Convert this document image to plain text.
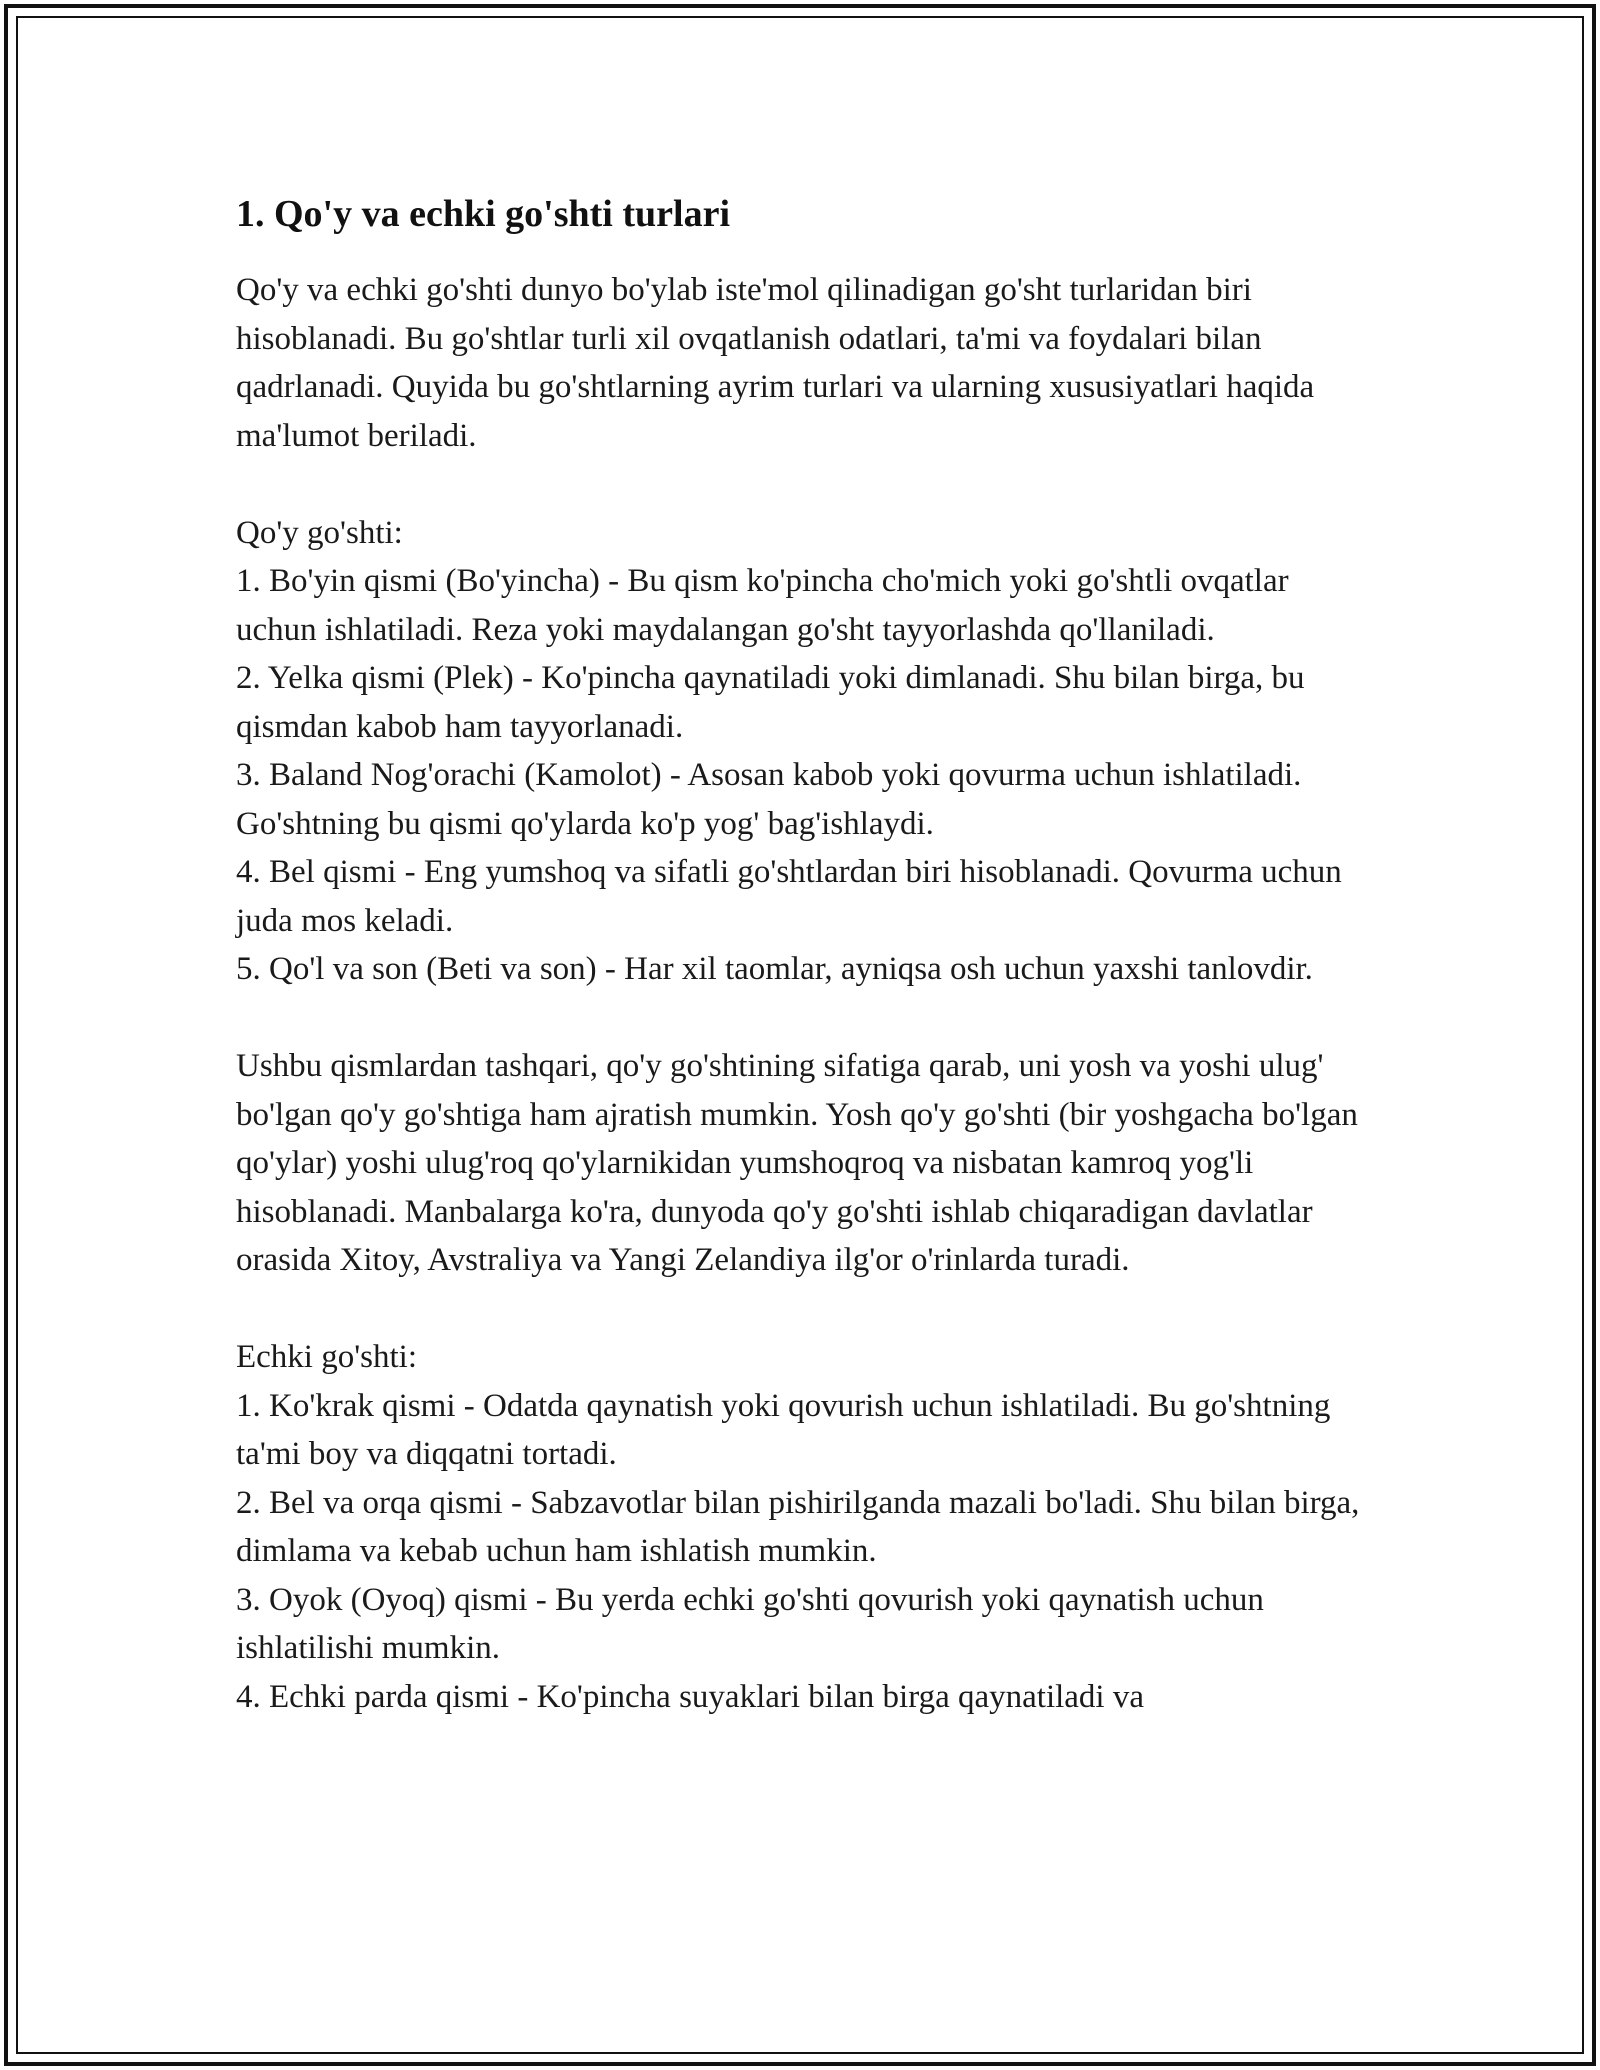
1. Qo'y va echki go'shti turlari

Qo'y va echki go'shti dunyo bo'ylab iste'mol qilinadigan go'sht turlaridan biri hisoblanadi. Bu go'shtlar turli xil ovqatlanish odatlari, ta'mi va foydalari bilan qadrlanadi. Quyida bu go'shtlarning ayrim turlari va ularning xususiyatlari haqida ma'lumot beriladi.

Qo'y go'shti:

1. Bo'yin qismi (Bo'yincha) - Bu qism ko'pincha cho'mich yoki go'shtli ovqatlar uchun ishlatiladi. Reza yoki maydalangan go'sht tayyorlashda qo'llaniladi.

2. Yelka qismi (Plek) - Ko'pincha qaynatiladi yoki dimlanadi. Shu bilan birga, bu qismdan kabob ham tayyorlanadi.

3. Baland Nog'orachi (Kamolot) - Asosan kabob yoki qovurma uchun ishlatiladi. Go'shtning bu qismi qo'ylarda ko'p yog' bag'ishlaydi.

4. Bel qismi - Eng yumshoq va sifatli go'shtlardan biri hisoblanadi. Qovurma uchun juda mos keladi.

5. Qo'l va son (Beti va son) - Har xil taomlar, ayniqsa osh uchun yaxshi tanlovdir.

Ushbu qismlardan tashqari, qo'y go'shtining sifatiga qarab, uni yosh va yoshi ulug' bo'lgan qo'y go'shtiga ham ajratish mumkin. Yosh qo'y go'shti (bir yoshgacha bo'lgan qo'ylar) yoshi ulug'roq qo'ylarnikidan yumshoqroq va nisbatan kamroq yog'li hisoblanadi. Manbalarga ko'ra, dunyoda qo'y go'shti ishlab chiqaradigan davlatlar orasida Xitoy, Avstraliya va Yangi Zelandiya ilg'or o'rinlarda turadi.

Echki go'shti:

1. Ko'krak qismi - Odatda qaynatish yoki qovurish uchun ishlatiladi. Bu go'shtning ta'mi boy va diqqatni tortadi.

2. Bel va orqa qismi - Sabzavotlar bilan pishirilganda mazali bo'ladi. Shu bilan birga, dimlama va kebab uchun ham ishlatish mumkin.

3. Oyok (Oyoq) qismi - Bu yerda echki go'shti qovurish yoki qaynatish uchun ishlatilishi mumkin.

4. Echki parda qismi - Ko'pincha suyaklari bilan birga qaynatiladi va
